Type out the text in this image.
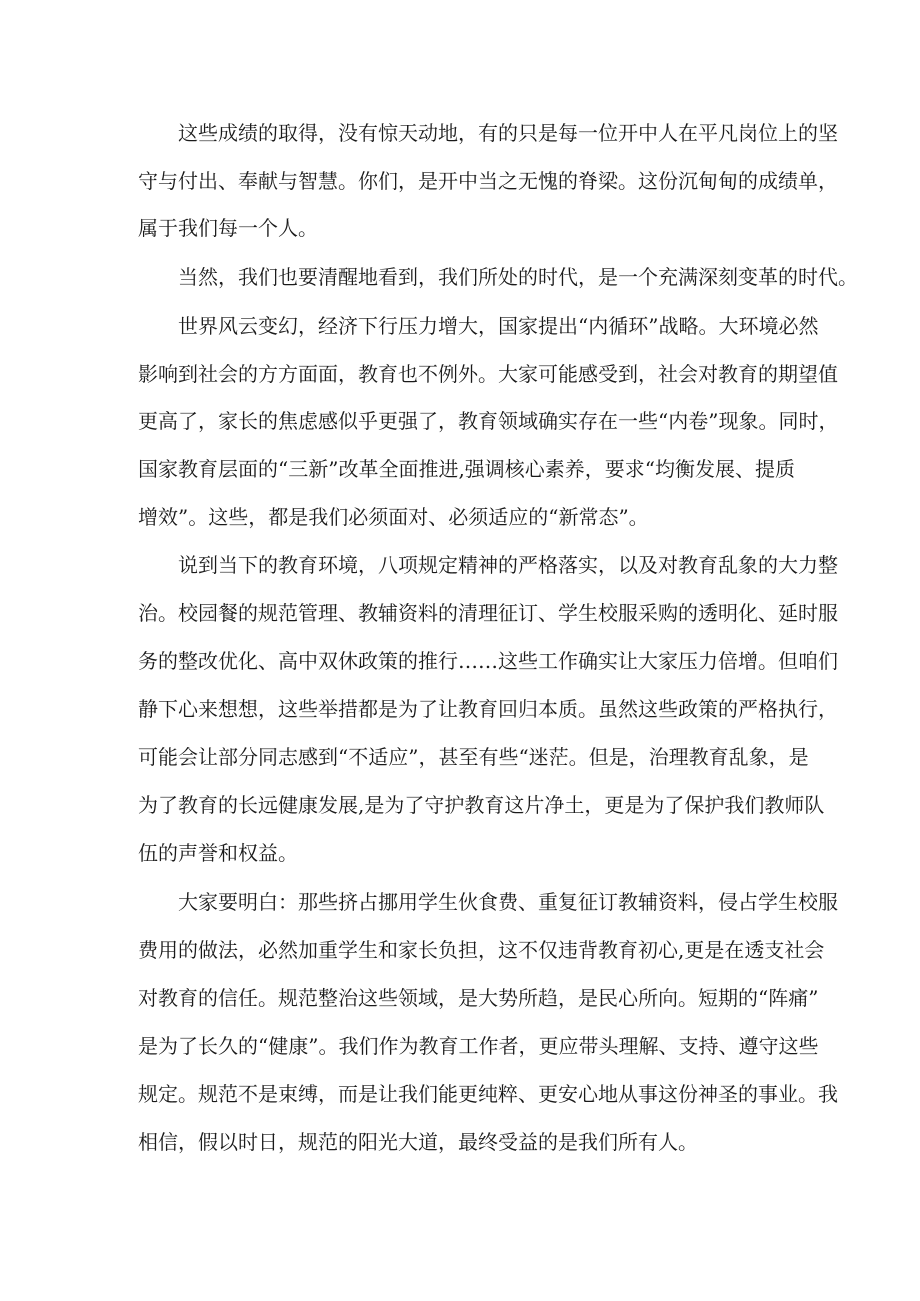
这些成绩的取得，没有惊天动地，有的只是每一位开中人在平凡岗位上的坚
守与付出、奉献与智慧。你们，是开中当之无愧的脊梁。这份沉甸甸的成绩单，
属于我们每一个人。
当然，我们也要清醒地看到，我们所处的时代，是一个充满深刻变革的时代。
世界风云变幻，经济下行压力增大，国家提出“内循环”战略。大环境必然
影响到社会的方方面面，教育也不例外。大家可能感受到，社会对教育的期望值
更高了，家长的焦虑感似乎更强了，教育领域确实存在一些“内卷”现象。同时，
国家教育层面的“三新”改革全面推进,强调核心素养，要求“均衡发展、提质
增效”。这些，都是我们必须面对、必须适应的“新常态”。
说到当下的教育环境，八项规定精神的严格落实，以及对教育乱象的大力整
治。校园餐的规范管理、教辅资料的清理征订、学生校服采购的透明化、延时服
务的整改优化、高中双休政策的推行……这些工作确实让大家压力倍增。但咱们
静下心来想想，这些举措都是为了让教育回归本质。虽然这些政策的严格执行，
可能会让部分同志感到“不适应”，甚至有些“迷茫。但是，治理教育乱象，是
为了教育的长远健康发展,是为了守护教育这片净土，更是为了保护我们教师队
伍的声誉和权益。
大家要明白：那些挤占挪用学生伙食费、重复征订教辅资料，侵占学生校服
费用的做法，必然加重学生和家长负担，这不仅违背教育初心,更是在透支社会
对教育的信任。规范整治这些领域，是大势所趋，是民心所向。短期的“阵痛”
是为了长久的“健康”。我们作为教育工作者，更应带头理解、支持、遵守这些
规定。规范不是束缚，而是让我们能更纯粹、更安心地从事这份神圣的事业。我
相信，假以时日，规范的阳光大道，最终受益的是我们所有人。
